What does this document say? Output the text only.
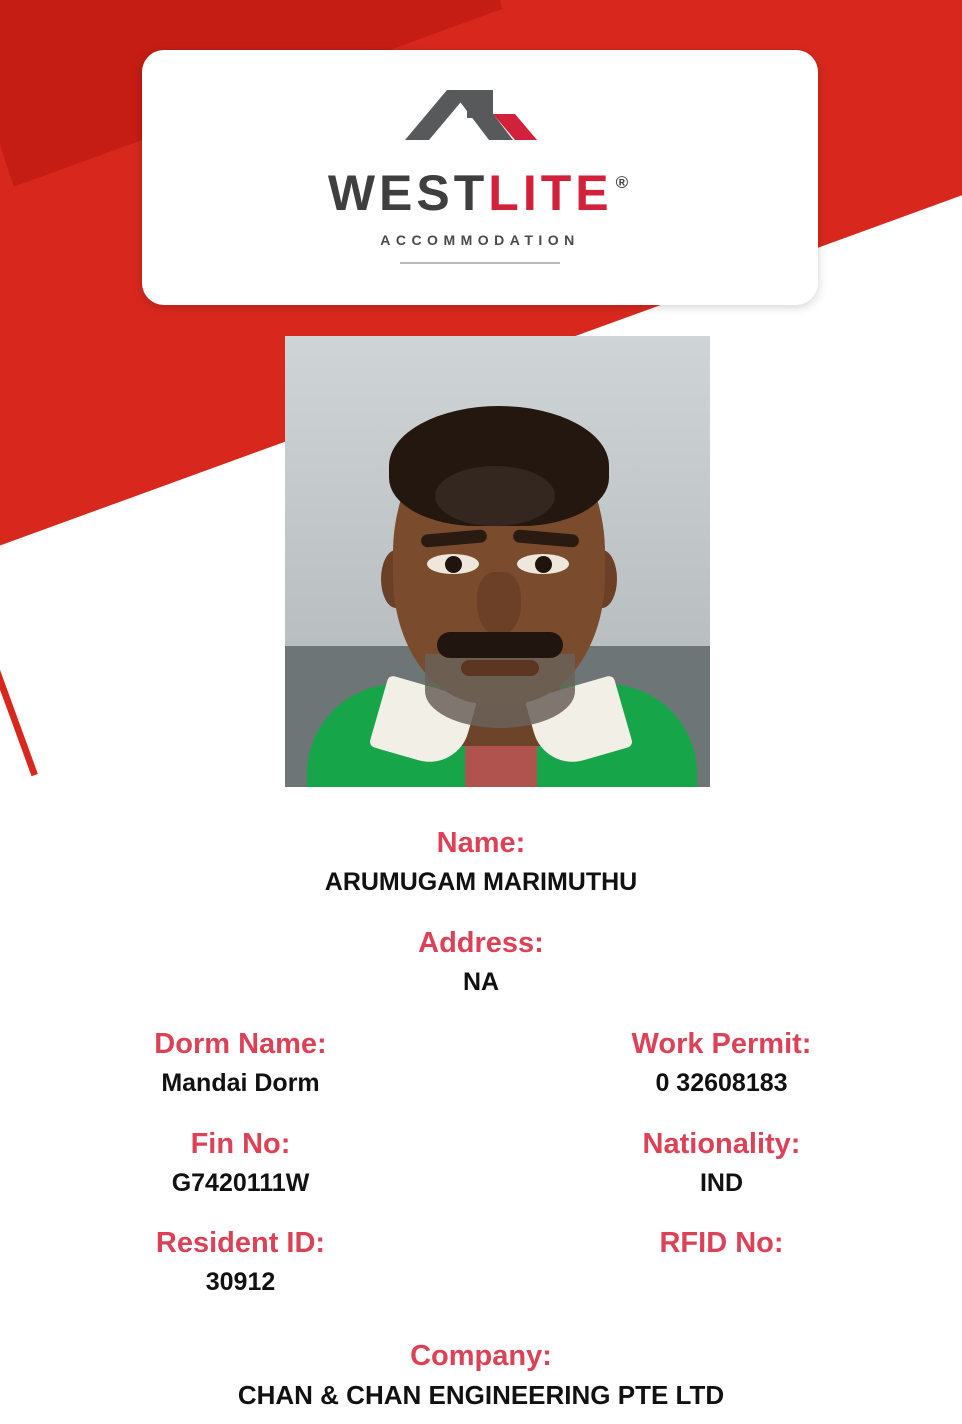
WEST LITE ®
ACCOMMODATION
Name:
ARUMUGAM MARIMUTHU
Address:
NA
Dorm Name:
Mandai Dorm
Work Permit:
0 32608183
Fin No:
G7420111W
Nationality:
IND
Resident ID:
30912
RFID No:
Company:
CHAN & CHAN ENGINEERING PTE LTD
